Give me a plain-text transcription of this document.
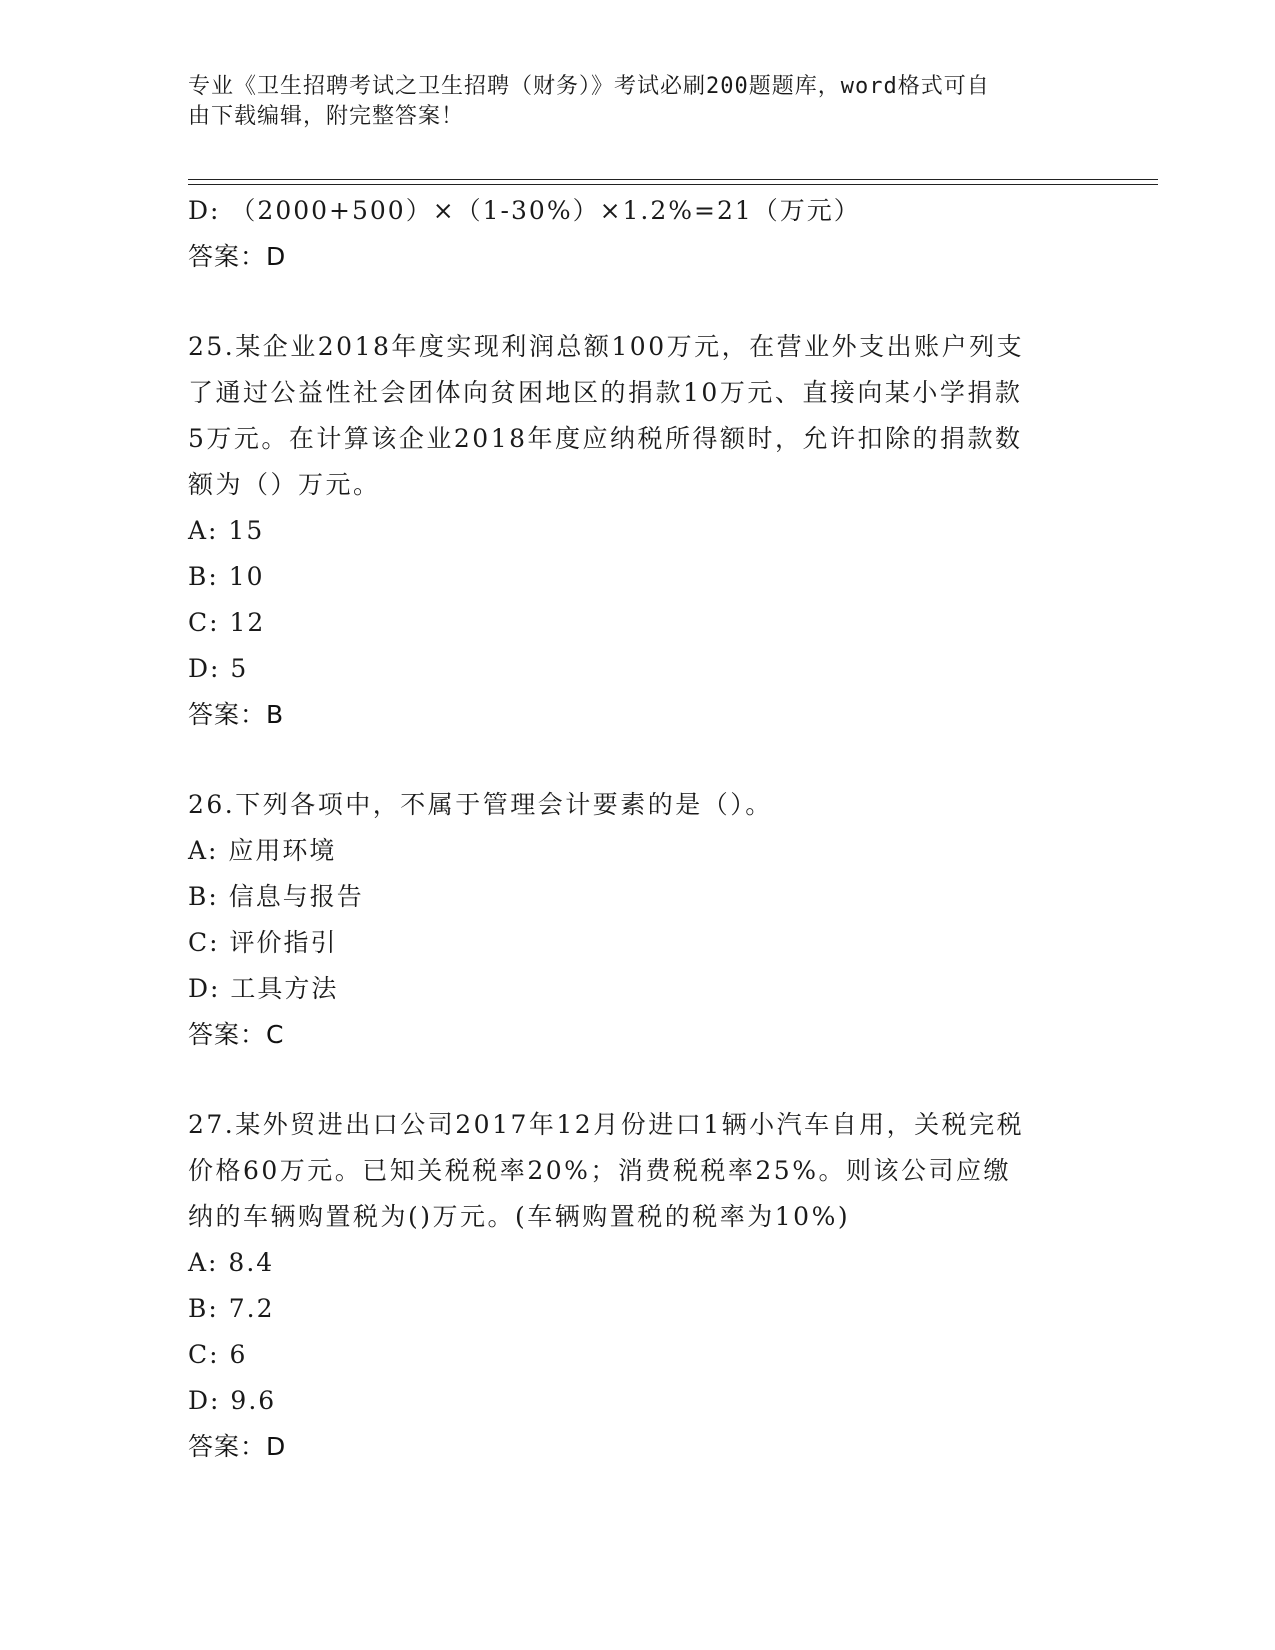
专业《卫生招聘考试之卫生招聘（财务）》考试必刷200题题库，word格式可自
由下载编辑，附完整答案！
D: （2000+500）×（1-30%）×1.2%=21（万元）
答案：D
25.某企业2018年度实现利润总额100万元，在营业外支出账户列支
了通过公益性社会团体向贫困地区的捐款10万元、直接向某小学捐款
5万元。在计算该企业2018年度应纳税所得额时，允许扣除的捐款数
额为（）万元。
A: 15
B: 10
C: 12
D: 5
答案：B
26.下列各项中，不属于管理会计要素的是（）。
A: 应用环境
B: 信息与报告
C: 评价指引
D: 工具方法
答案：C
27.某外贸进出口公司2017年12月份进口1辆小汽车自用，关税完税
价格60万元。已知关税税率20%；消费税税率25%。则该公司应缴
纳的车辆购置税为()万元。(车辆购置税的税率为10%)
A: 8.4
B: 7.2
C: 6
D: 9.6
答案：D
